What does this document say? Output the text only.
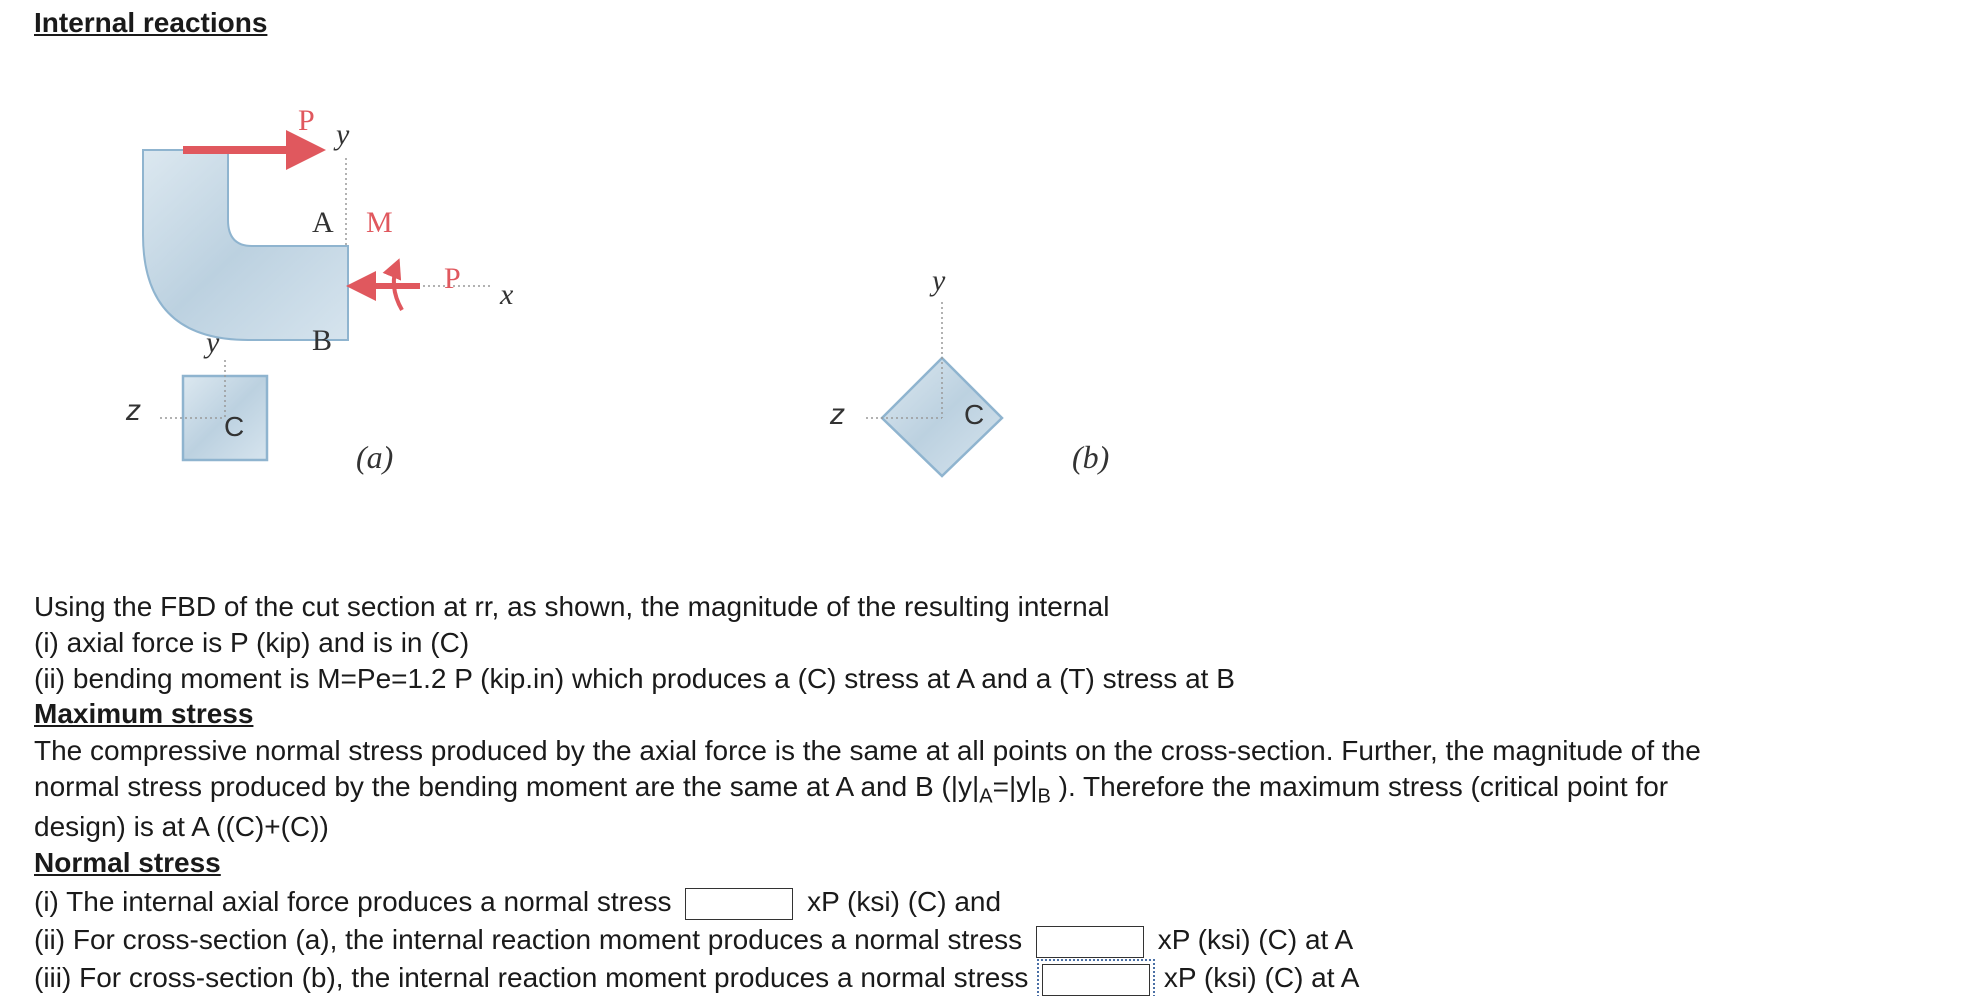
Internal reactions
P y
A M
P x
B
y
z	C
(a)
y
z	C
(b)

Using the FBD of the cut section at rr, as shown, the magnitude of the resulting internal

(i) axial force is P (kip) and is in (C)

(ii) bending moment is M=Pe=1.2 P (kip.in) which produces a (C) stress at A and a (T) stress at B

Maximum stress

The compressive normal stress produced by the axial force is the same at all points on the cross-section. Further, the magnitude of the

normal stress produced by the bending moment are the same at A and B ($|y|_A=|y|_B$ ). Therefore the maximum stress (critical point for

design) is at A ((C)+(C))

Normal stress

(i) The internal axial force produces a normal stress	xP (ksi) (C) and

(ii) For cross-section (a), the internal reaction moment produces a normal stress	xP (ksi) (C) at A

(iii) For cross-section (b), the internal reaction moment produces a normal stress	xP (ksi) (C) at A
